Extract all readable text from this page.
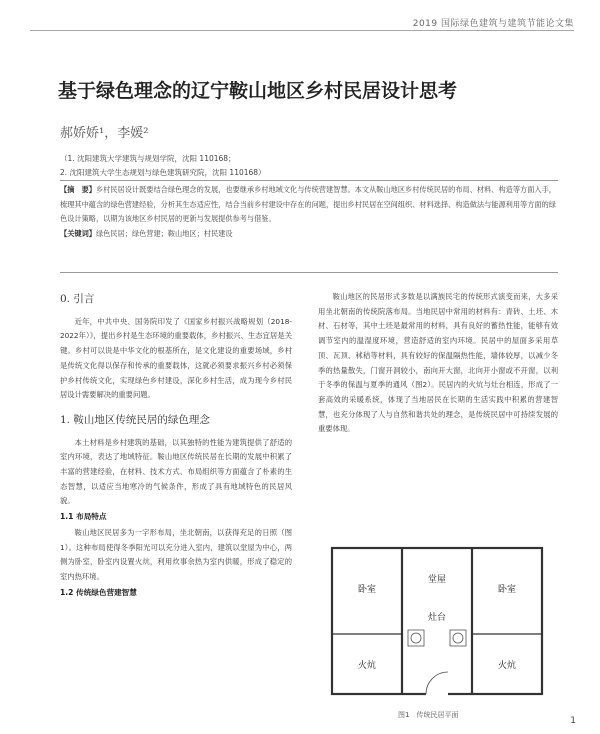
2019 国际绿色建筑与建筑节能论文集
基于绿色理念的辽宁鞍山地区乡村民居设计思考
郝娇娇¹，李媛²
（1. 沈阳建筑大学建筑与规划学院，沈阳 110168；
2. 沈阳建筑大学生态规划与绿色建筑研究院，沈阳 110168）
【摘　要】乡村民居设计既要结合绿色理念的发展，也要继承乡村地域文化与传统营建智慧。本文从鞍山地区乡村传统民居的布局、材料、构造等方面入手，梳理其中蕴含的绿色营建经验，分析其生态适应性，结合当前乡村建设中存在的问题，提出乡村民居在空间组织、材料选择、构造做法与能源利用等方面的绿色设计策略，以期为该地区乡村民居的更新与发展提供参考与借鉴。
【关键词】绿色民居；绿色营建；鞍山地区；村民建设
0. 引言

近年，中共中央、国务院印发了《国家乡村振兴战略规划（2018-2022年）》，提出乡村是生态环境的重要载体，乡村振兴、生态宜居是关键。乡村可以说是中华文化的根基所在，是文化建设的重要场域，乡村是传统文化得以保存和传承的重要载体，这就必须要求振兴乡村必须保护乡村传统文化，实现绿色乡村建设，深化乡村生活，成为现今乡村民居设计需要解决的重要问题。

1. 鞍山地区传统民居的绿色理念

本土材料是乡村建筑的基础，以其独特的性能为建筑提供了舒适的室内环境，表达了地域特征。鞍山地区传统民居在长期的发展中积累了丰富的营建经验，在材料、技术方式、布局组织等方面蕴含了朴素的生态智慧，以适应当地寒冷的气候条件，形成了具有地域特色的民居风貌。

1.1 布局特点

鞍山地区民居多为一字形布局，坐北朝南，以获得充足的日照（图1）。这种布局使得冬季阳光可以充分进入室内，建筑以堂屋为中心，两侧为卧室，卧室内设置火炕，利用炊事余热为室内供暖，形成了稳定的室内热环境。

1.2 传统绿色营建智慧

鞍山地区的民居形式多数是以满族民宅的传统形式演变而来，大多采用坐北朝南的传统院落布局。当地民居中常用的材料有：青砖、土坯、木材、石材等，其中土坯是最常用的材料，具有良好的蓄热性能，能够有效调节室内的温湿度环境，营造舒适的室内环境。民居中的屋面多采用草顶、瓦顶、秫秸等材料，具有较好的保温隔热性能，墙体较厚，以减少冬季的热量散失，门窗开洞较小，南向开大窗，北向开小窗或不开窗，以利于冬季的保温与夏季的通风（图2）。民居内的火炕与灶台相连，形成了一套高效的采暖系统，体现了当地居民在长期的生活实践中积累的营建智慧，也充分体现了人与自然和谐共处的理念，是传统民居中可持续发展的重要体现。

卧室
堂屋
卧室
灶台
火炕	火炕
图1　传统民居平面
1
